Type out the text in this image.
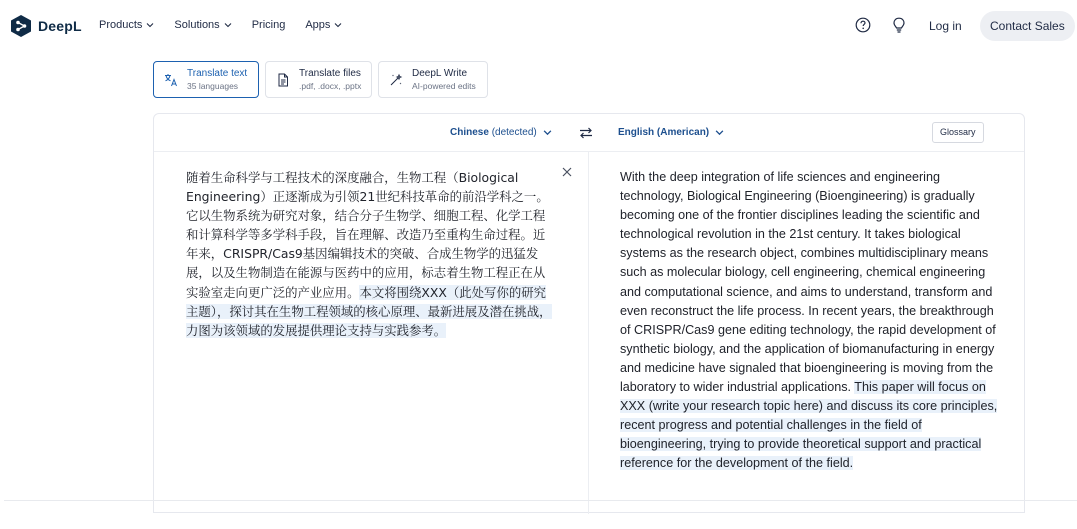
DeepL Products	Solutions	Pricing Apps	Log in	Contact Sales
Translate text
35 languages
Translate files
.pdf, .docx, .pptx
DeepL Write
AI-powered edits
Chinese (detected)	English (American)	Glossary
随着生命科学与工程技术的深度融合，生物工程（Biological Engineering）正逐渐成为引领21世纪科技革命的前沿学科之一。它以生物系统为研究对象，结合分子生物学、细胞工程、化学工程和计算科学等多学科手段，旨在理解、改造乃至重构生命过程。近年来，CRISPR/Cas9基因编辑技术的突破、合成生物学的迅猛发展，以及生物制造在能源与医药中的应用，标志着生物工程正在从实验室走向更广泛的产业应用。本文将围绕XXX（此处写你的研究主题），探讨其在生物工程领域的核心原理、最新进展及潜在挑战，力图为该领域的发展提供理论支持与实践参考。
With the deep integration of life sciences and engineering technology, Biological Engineering (Bioengineering) is gradually becoming one of the frontier disciplines leading the scientific and technological revolution in the 21st century. It takes biological systems as the research object, combines multidisciplinary means such as molecular biology, cell engineering, chemical engineering and computational science, and aims to understand, transform and even reconstruct the life process. In recent years, the breakthrough of CRISPR/Cas9 gene editing technology, the rapid development of synthetic biology, and the application of biomanufacturing in energy and medicine have signaled that bioengineering is moving from the laboratory to wider industrial applications. This paper will focus on XXX (write your research topic here) and discuss its core principles, recent progress and potential challenges in the field of bioengineering, trying to provide theoretical support and practical reference for the development of the field.
